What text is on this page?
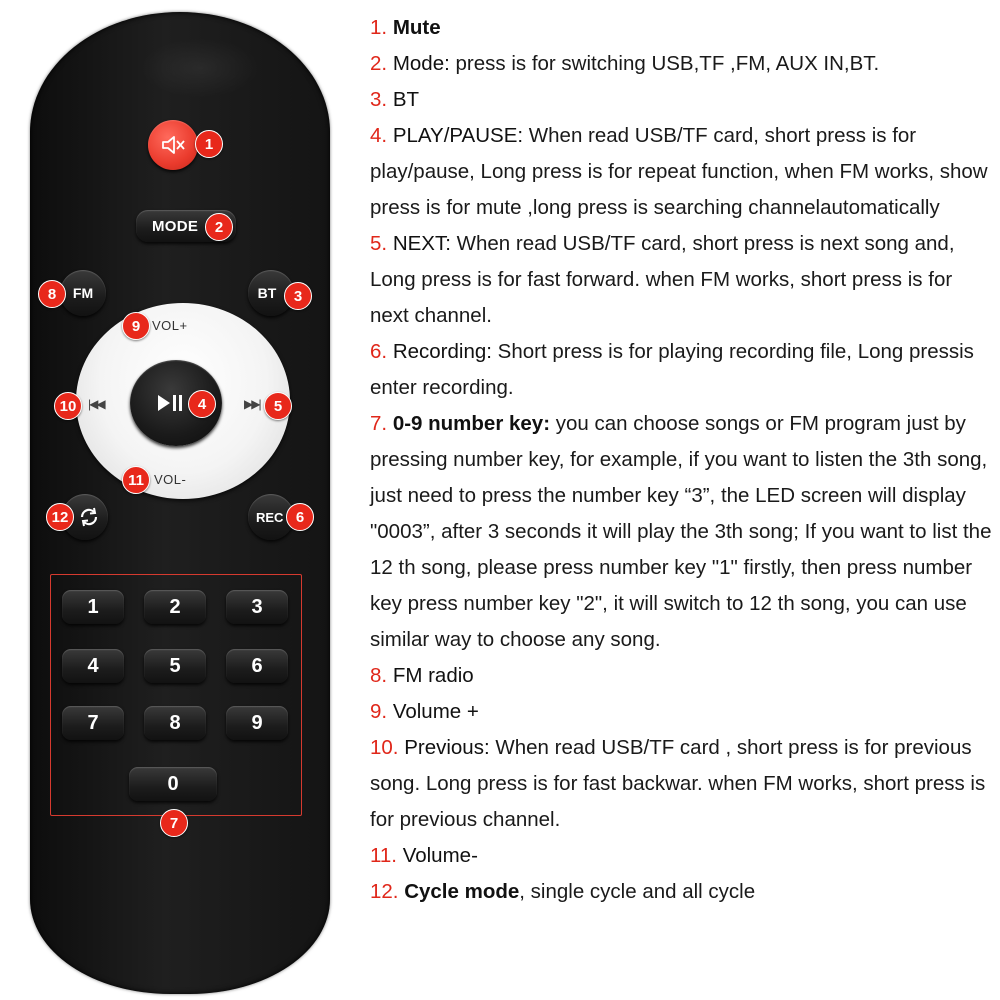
1
MODE	2
FM
8	BT	3
VOL+
VOL-
|◀◀	▶▶|
9
10	5
11
4
12	REC 6
1	2	3
4	5	6
7	8	9
0
7

1. Mute

2. Mode: press is for switching USB,TF ,FM, AUX IN,BT.

3. BT

4. PLAY/PAUSE: When read USB/TF card, short press is for play/pause, Long press is for repeat function, when FM works, show press is for mute ,long press is searching channelautomatically

5. NEXT: When read USB/TF card, short press is next song and, Long press is for fast forward. when FM works, short press is for next channel.

6. Recording: Short press is for playing recording file, Long pressis enter recording.

7. 0-9 number key: you can choose songs or FM program just by pressing number key, for example, if you want to listen the 3th song, just need to press the number key “3”, the LED screen will display "0003”, after 3 seconds it will play the 3th song; If you want to list the 12 th song, please press number key "1" firstly, then press number key press number key "2", it will switch to 12 th song, you can use similar way to choose any song.

8. FM radio

9. Volume +

10. Previous: When read USB/TF card , short press is for previous song. Long press is for fast backwar. when FM works, short press is for previous channel.

11. Volume-

12. Cycle mode, single cycle and all cycle
